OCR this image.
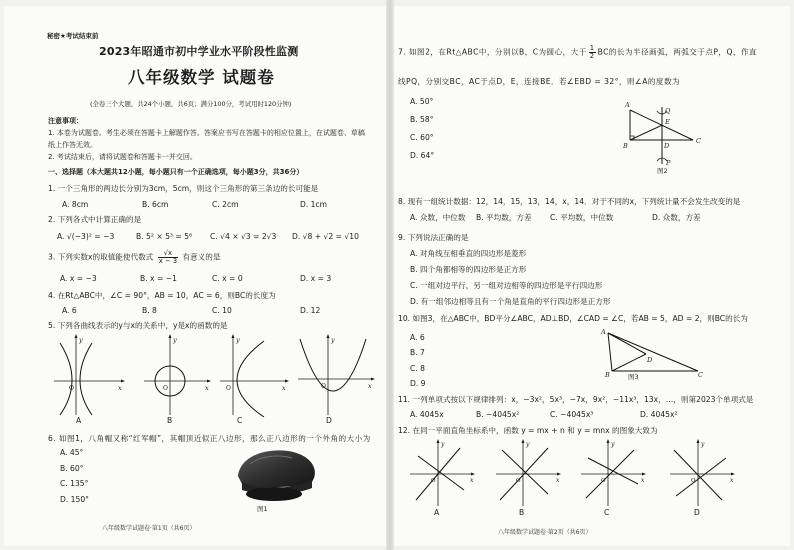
秘密★考试结束前
2023年昭通市初中学业水平阶段性监测
八年级数学 试题卷
(全卷三个大题，共24个小题，共6页；满分100分，考试用时120分钟)
注意事项：
1. 本卷为试题卷。考生必须在答题卡上解题作答。答案应书写在答题卡的相应位置上，在试题卷、草稿纸上作答无效。
2. 考试结束后，请将试题卷和答题卡一并交回。
一、选择题（本大题共12小题，每小题只有一个正确选项，每小题3分，共36分）
1. 一个三角形的两边长分别为3cm，5cm，则这个三角形的第三条边的长可能是
A. 8cm	B. 6cm	C. 2cm	D. 1cm
2. 下列各式中计算正确的是
A. √(−3)² = −3	B. 5² × 5³ = 5⁶ C. √4 × √3 = 2√3 D. √8 + √2 = √10
3. 下列实数x的取值能使代数式 $\frac{√x}{x - 3}$ 有意义的是
A. x = −3	B. x = −1	C. x = 0	D. x = 3
4. 在Rt△ABC中，∠C = 90°，AB = 10，AC = 6，则BC的长度为
A. 6	B. 8	C. 10	D. 12
5. 下列各曲线表示的y与x的关系中，y是x的函数的是
y
x
O
y
x
O
y
x
O
y
x
O
A	B	C	D
6. 如图1，八角帽又称“红军帽”，其帽顶近似正八边形，那么正八边形的一个外角的大小为
A. 45°
B. 60°
C. 135°
D. 150°
图1
八年级数学试题卷·第1页（共6页）
7. 如图2，在Rt△ABC中，分别以B，C为圆心，大于 $\frac{1}{2}$ BC的长为半径画弧，两弧交于点P，Q，作直
线PQ，分别交BC，AC于点D，E，连接BE．若∠EBD = 32°，则∠A的度数为
A. 50°
B. 58°
C. 60°
D. 64°
A
Q
E
B	D
C
P
图2
8. 现有一组统计数据：12，14，15，13，14，x，14．对于不同的x，下列统计量不会发生改变的是
A. 众数，中位数 B. 平均数，方差 C. 平均数，中位数	D. 众数，方差
9. 下列说法正确的是
A. 对角线互相垂直的四边形是菱形
B. 四个角都相等的四边形是正方形
C. 一组对边平行，另一组对边相等的四边形是平行四边形
D. 有一组邻边相等且有一个角是直角的平行四边形是正方形
10. 如图3，在△ABC中，BD平分∠ABC，AD⊥BD，∠CAD = ∠C，若AB = 5，AD = 2，则BC的长为
A. 6
B. 7
C. 8
D. 9
A
B	C
D
图3
11. 一列单项式按以下规律排列：x，−3x²，5x³，−7x，9x²，−11x³，13x，…，则第2023个单项式是
A. 4045x	B. −4045x²	C. −4045x³	D. 4045x²
12. 在同一平面直角坐标系中，函数 y = mx + n 和 y = mnx 的图象大致为
y
x
O
y
x
O
y
x
O
y
x
O
A	B	C	D
八年级数学试题卷·第2页（共6页）
